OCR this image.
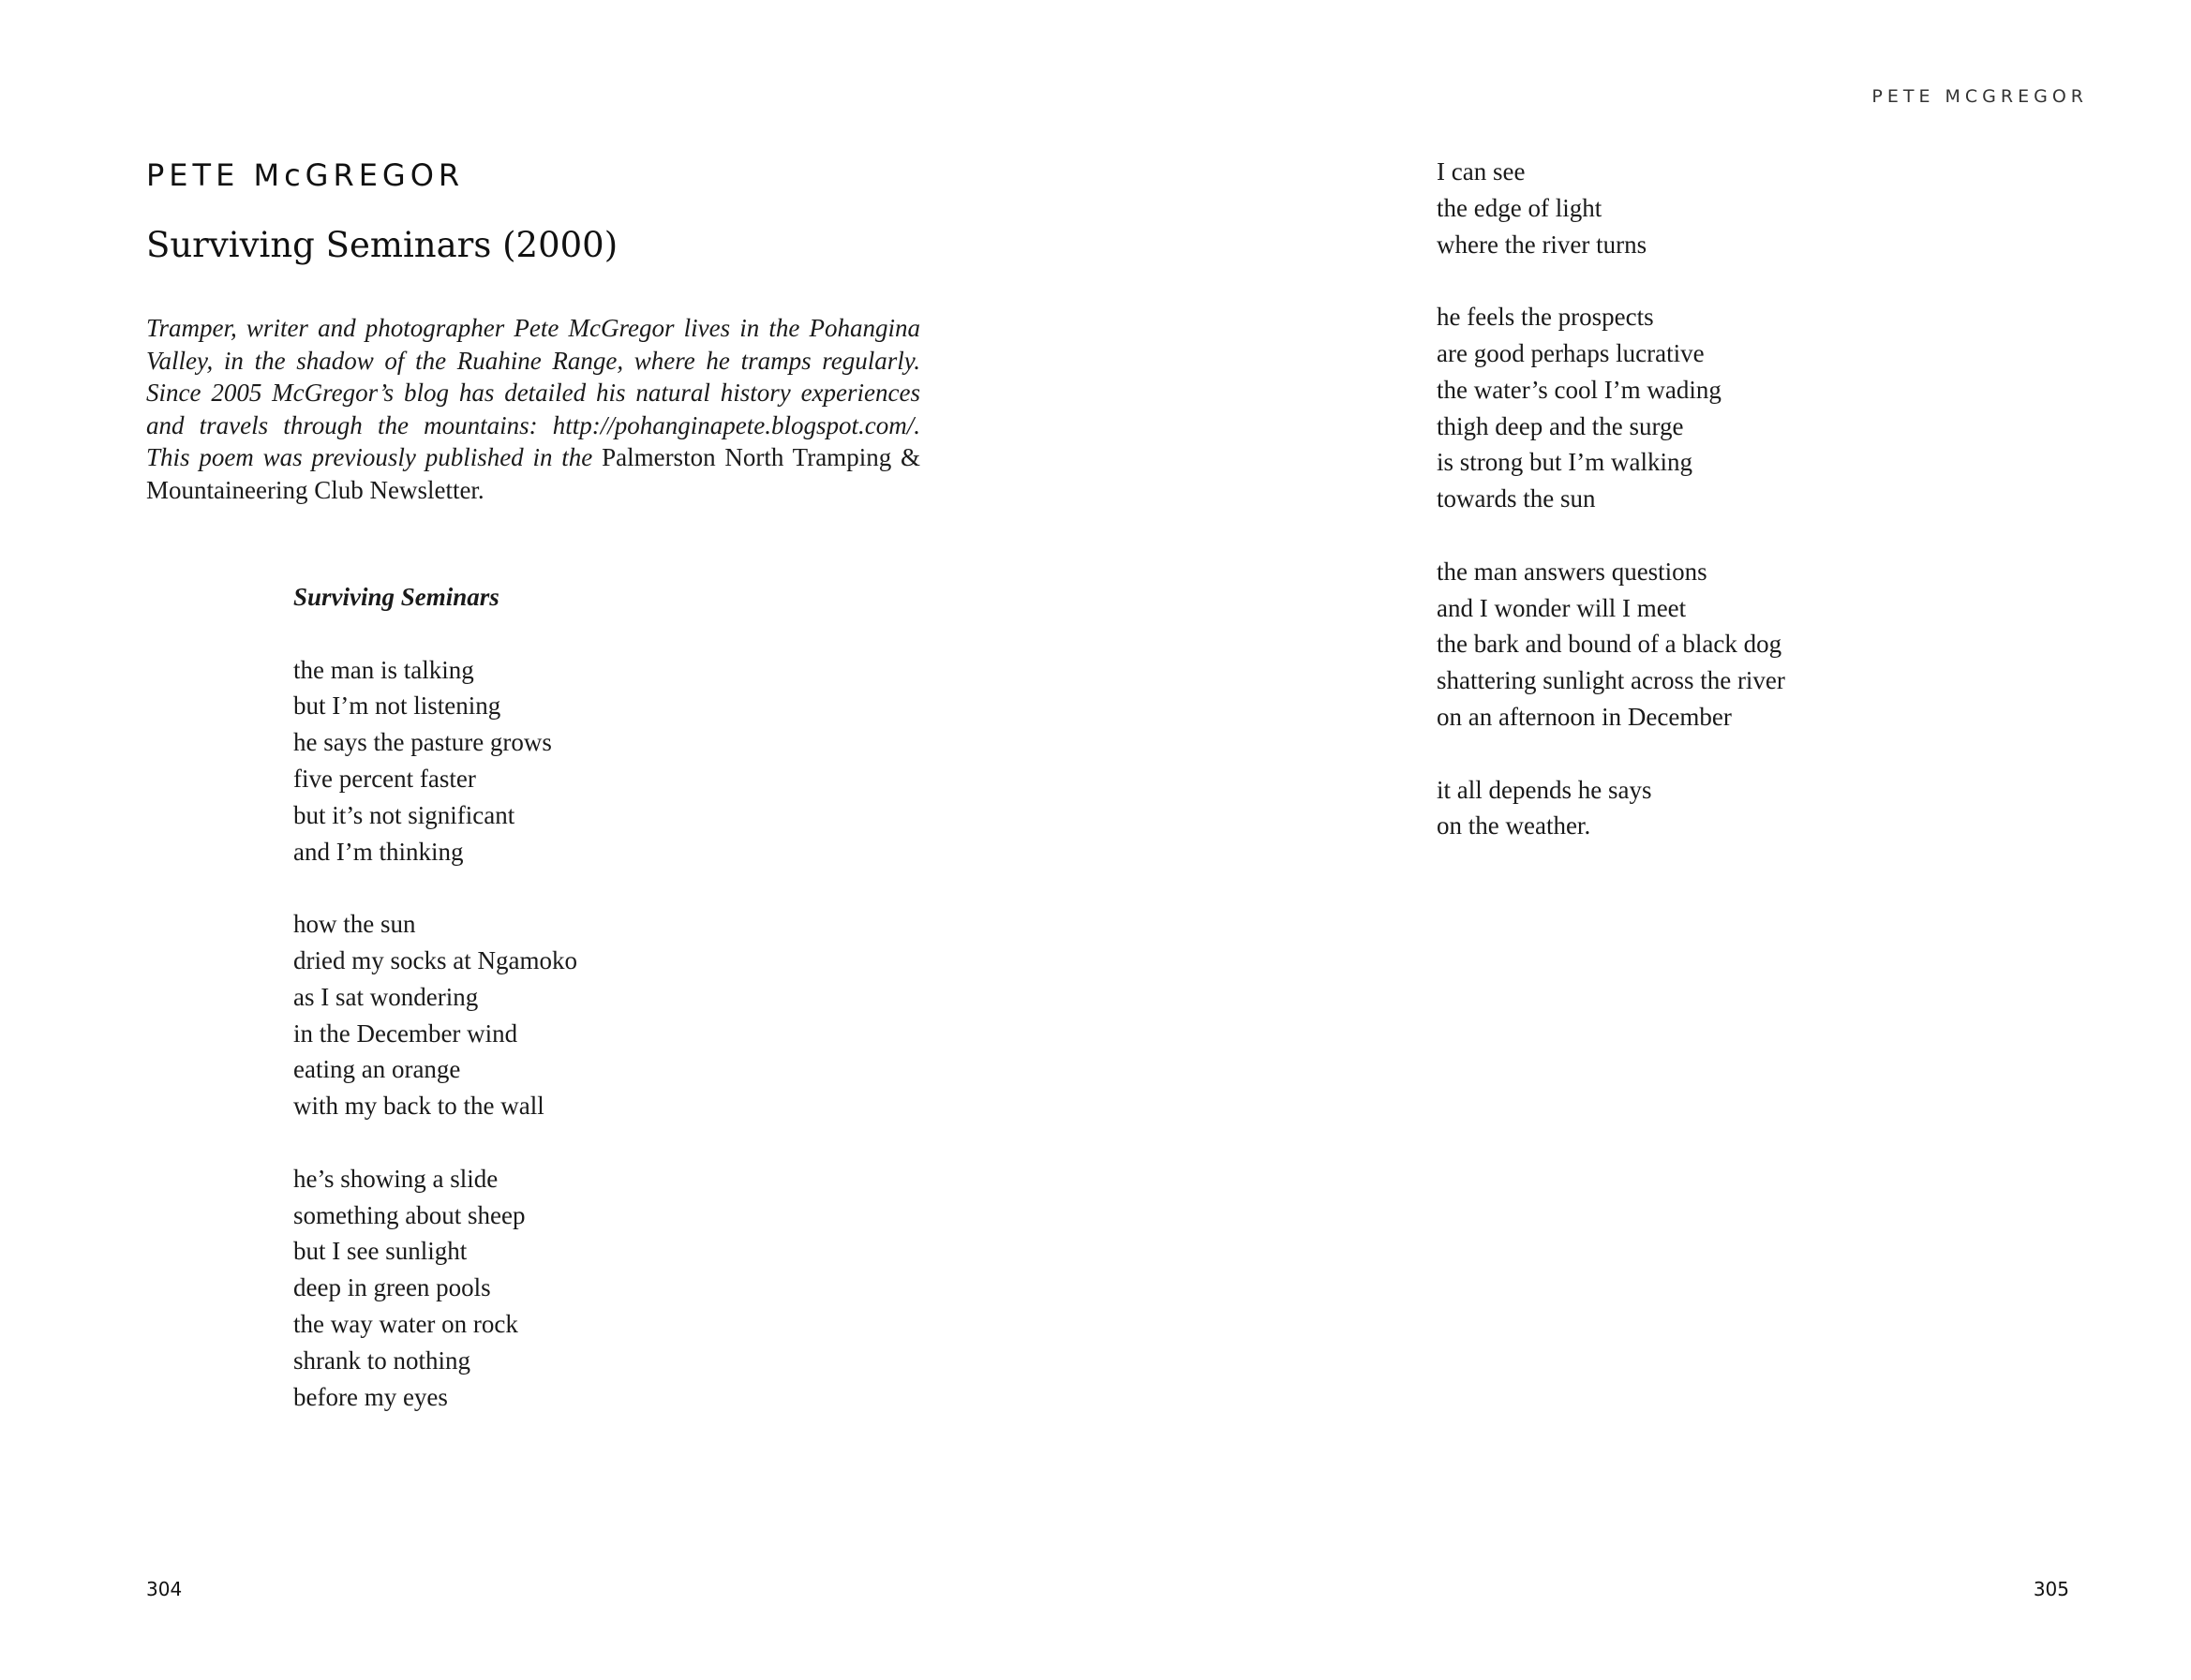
PETE McGREGOR
Surviving Seminars (2000)

Tramper, writer and photographer Pete McGregor lives in the Pohangina Valley, in the shadow of the Ruahine Range, where he tramps regularly. Since 2005 McGregor’s blog has detailed his natural history experiences and travels through the mountains: http://pohanginapete.blogspot.com/. This poem was previously published in the Palmerston North Tramping & Mountaineering Club Newsletter.

Surviving Seminars

the man is talking
but I’m not listening
he says the pasture grows
five percent faster
but it’s not significant
and I’m thinking
how the sun
dried my socks at Ngamoko
as I sat wondering
in the December wind
eating an orange
with my back to the wall
he’s showing a slide
something about sheep
but I see sunlight
deep in green pools
the way water on rock
shrank to nothing
before my eyes
304
PETE MCGREGOR
I can see
the edge of light
where the river turns
he feels the prospects
are good perhaps lucrative
the water’s cool I’m wading
thigh deep and the surge
is strong but I’m walking
towards the sun
the man answers questions
and I wonder will I meet
the bark and bound of a black dog
shattering sunlight across the river
on an afternoon in December
it all depends he says
on the weather.
305
